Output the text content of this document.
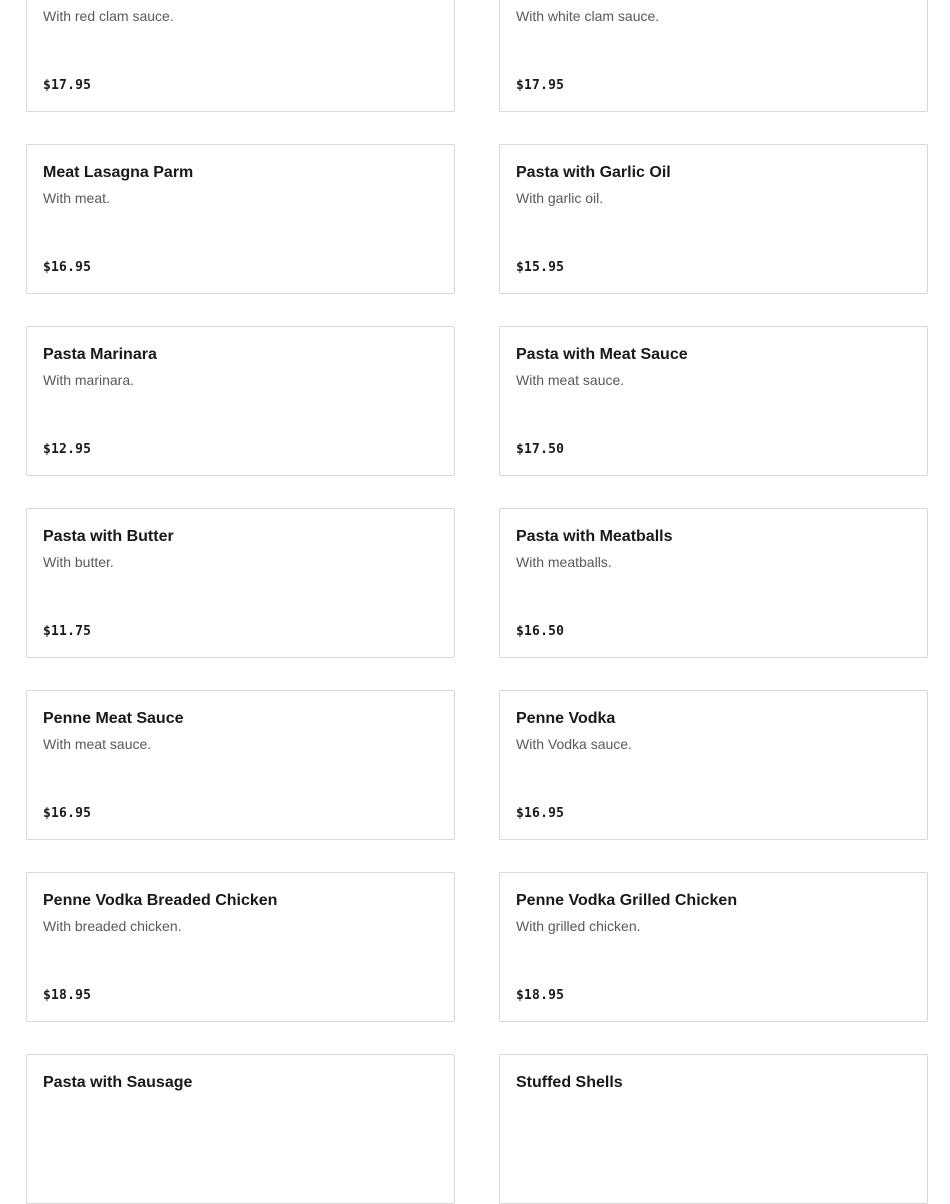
With red clam sauce.
$17.95
With white clam sauce.
$17.95
Meat Lasagna Parm
With meat.
$16.95
Pasta with Garlic Oil
With garlic oil.
$15.95
Pasta Marinara
With marinara.
$12.95
Pasta with Meat Sauce
With meat sauce.
$17.50
Pasta with Butter
With butter.
$11.75
Pasta with Meatballs
With meatballs.
$16.50
Penne Meat Sauce
With meat sauce.
$16.95
Penne Vodka
With Vodka sauce.
$16.95
Penne Vodka Breaded Chicken
With breaded chicken.
$18.95
Penne Vodka Grilled Chicken
With grilled chicken.
$18.95
Pasta with Sausage	Stuffed Shells
